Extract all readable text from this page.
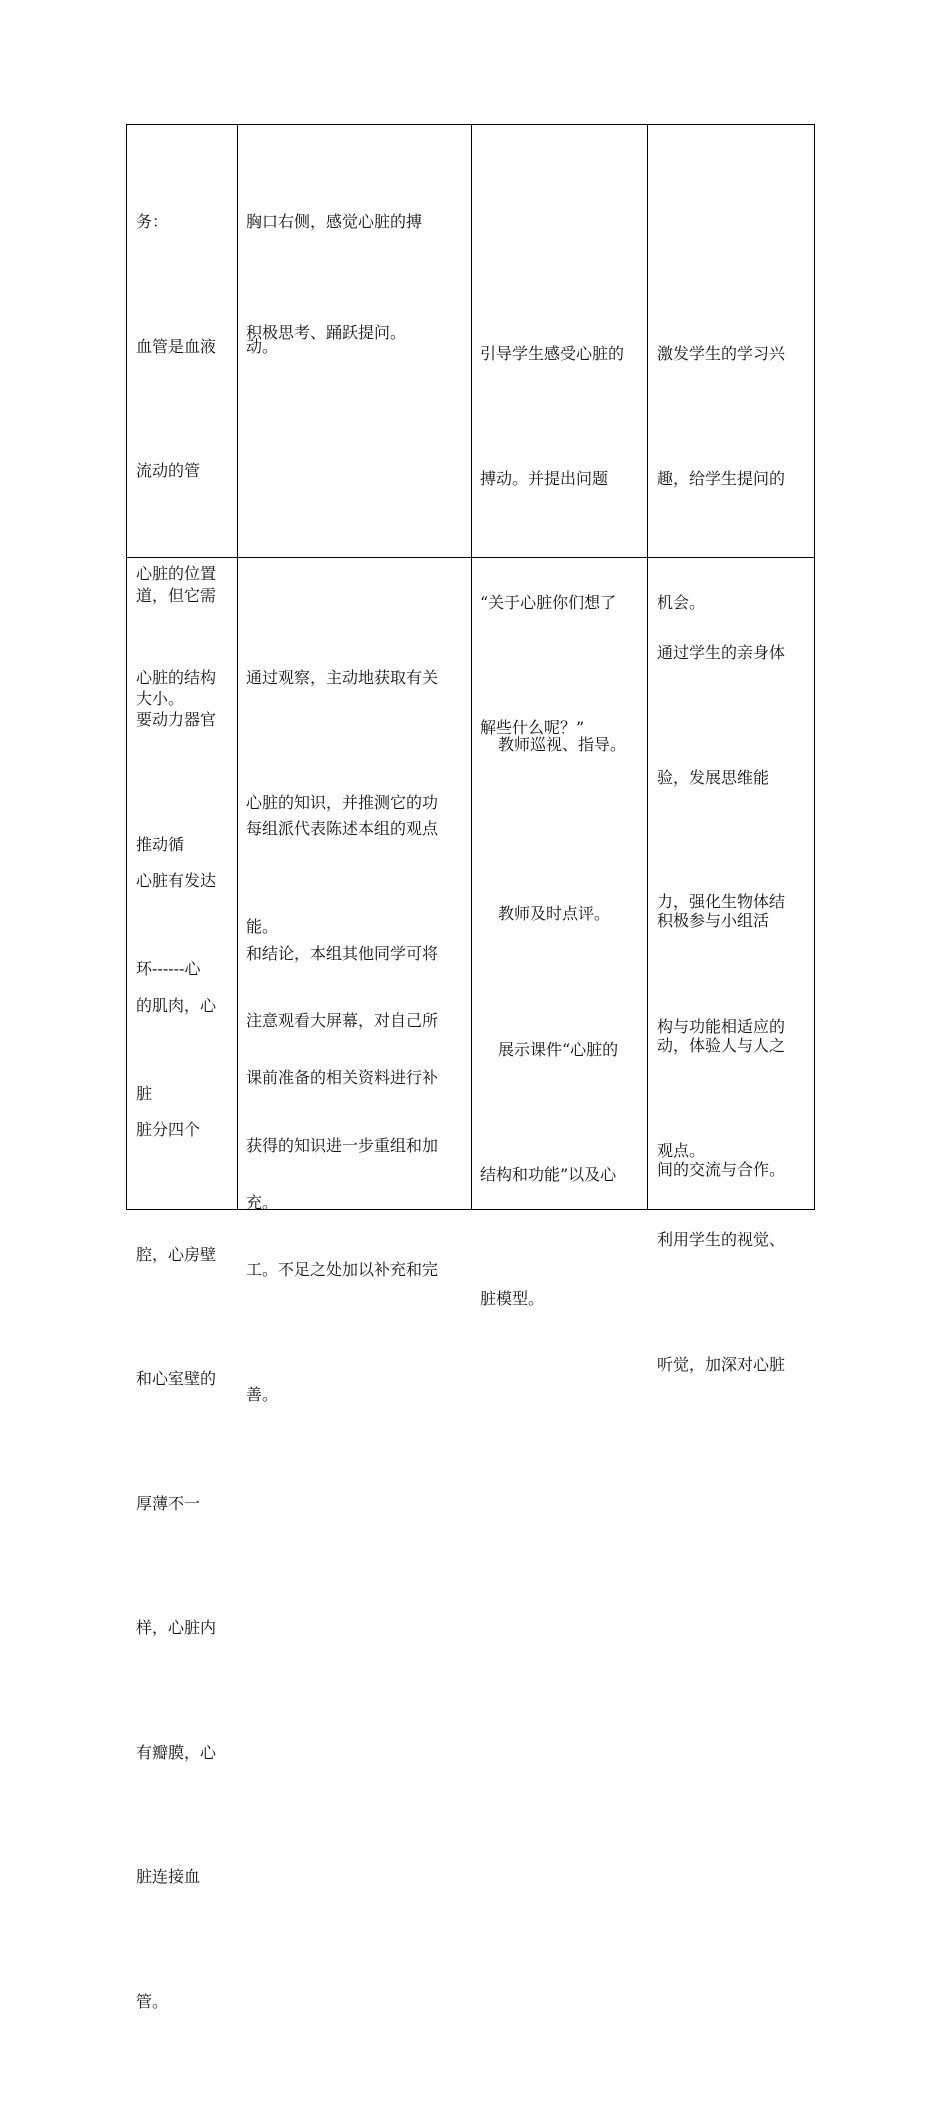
务：

血管是血液

流动的管

道，但它需

要动力器官

推动循

环------心

脏

心脏的位置

大小。

胸口右侧，感觉心脏的搏

动。

积极思考、踊跃提问。

引导学生感受心脏的

搏动。并提出问题

“关于心脏你们想了

解些什么呢？”

激发学生的学习兴

趣，给学生提问的

机会。

心脏的结构

心脏有发达

的肌肉，心

脏分四个

腔，心房壁

和心室壁的

厚薄不一

样，心脏内

有瓣膜，心

脏连接血

管。

通过观察，主动地获取有关

心脏的知识，并推测它的功

能。

每组派代表陈述本组的观点

和结论，本组其他同学可将

课前准备的相关资料进行补

充。

注意观看大屏幕，对自己所

获得的知识进一步重组和加

工。不足之处加以补充和完

善。

教师巡视、指导。

教师及时点评。

展示课件“心脏的

结构和功能”以及心

脏模型。

通过学生的亲身体

验，发展思维能

力，强化生物体结

构与功能相适应的

观点。

积极参与小组活

动，体验人与人之

间的交流与合作。

利用学生的视觉、

听觉，加深对心脏
